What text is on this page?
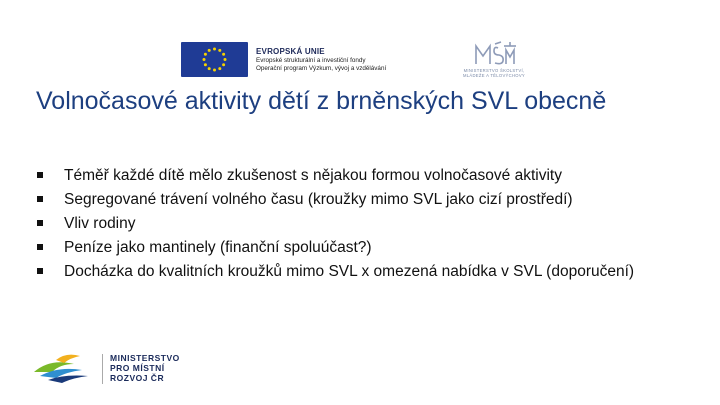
EVROPSKÁ UNIE
Evropské strukturální a investiční fondy
Operační program Výzkum, vývoj a vzdělávání	MINISTERSTVO ŠKOLSTVÍ,
MLÁDEŽE A TĚLOVÝCHOVY
Volnočasové aktivity dětí z brněnských SVL obecně
Téměř každé dítě mělo zkušenost s nějakou formou volnočasové aktivity
Segregované trávení volného času (kroužky mimo SVL jako cizí prostředí)
Vliv rodiny
Peníze jako mantinely (finanční spoluúčast?)
Docházka do kvalitních kroužků mimo SVL x omezená nabídka v SVL (doporučení)
MINISTERSTVO
PRO MÍSTNÍ
ROZVOJ ČR
